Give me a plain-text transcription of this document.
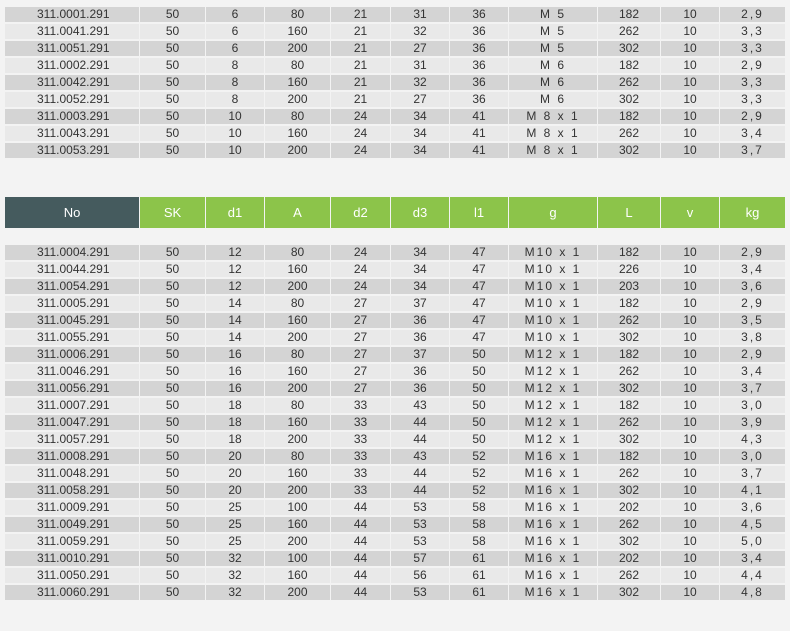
311.0001.291	50	6	80	21	31	36	M 5	182	10	2,9
311.0041.291	50	6	160	21	32	36	M 5	262	10	3,3
311.0051.291	50	6	200	21	27	36	M 5	302	10	3,3
311.0002.291	50	8	80	21	31	36	M 6	182	10	2,9
311.0042.291	50	8	160	21	32	36	M 6	262	10	3,3
311.0052.291	50	8	200	21	27	36	M 6	302	10	3,3
311.0003.291	50	10	80	24	34	41	M 8 x 1	182	10	2,9
311.0043.291	50	10	160	24	34	41	M 8 x 1	262	10	3,4
311.0053.291	50	10	200	24	34	41	M 8 x 1	302	10	3,7
No	SK	d1	A	d2	d3	l1	g	L	v	kg
311.0004.291	50	12	80	24	34	47	M10 x 1	182	10	2,9
311.0044.291	50	12	160	24	34	47	M10 x 1	226	10	3,4
311.0054.291	50	12	200	24	34	47	M10 x 1	203	10	3,6
311.0005.291	50	14	80	27	37	47	M10 x 1	182	10	2,9
311.0045.291	50	14	160	27	36	47	M10 x 1	262	10	3,5
311.0055.291	50	14	200	27	36	47	M10 x 1	302	10	3,8
311.0006.291	50	16	80	27	37	50	M12 x 1	182	10	2,9
311.0046.291	50	16	160	27	36	50	M12 x 1	262	10	3,4
311.0056.291	50	16	200	27	36	50	M12 x 1	302	10	3,7
311.0007.291	50	18	80	33	43	50	M12 x 1	182	10	3,0
311.0047.291	50	18	160	33	44	50	M12 x 1	262	10	3,9
311.0057.291	50	18	200	33	44	50	M12 x 1	302	10	4,3
311.0008.291	50	20	80	33	43	52	M16 x 1	182	10	3,0
311.0048.291	50	20	160	33	44	52	M16 x 1	262	10	3,7
311.0058.291	50	20	200	33	44	52	M16 x 1	302	10	4,1
311.0009.291	50	25	100	44	53	58	M16 x 1	202	10	3,6
311.0049.291	50	25	160	44	53	58	M16 x 1	262	10	4,5
311.0059.291	50	25	200	44	53	58	M16 x 1	302	10	5,0
311.0010.291	50	32	100	44	57	61	M16 x 1	202	10	3,4
311.0050.291	50	32	160	44	56	61	M16 x 1	262	10	4,4
311.0060.291	50	32	200	44	53	61	M16 x 1	302	10	4,8
